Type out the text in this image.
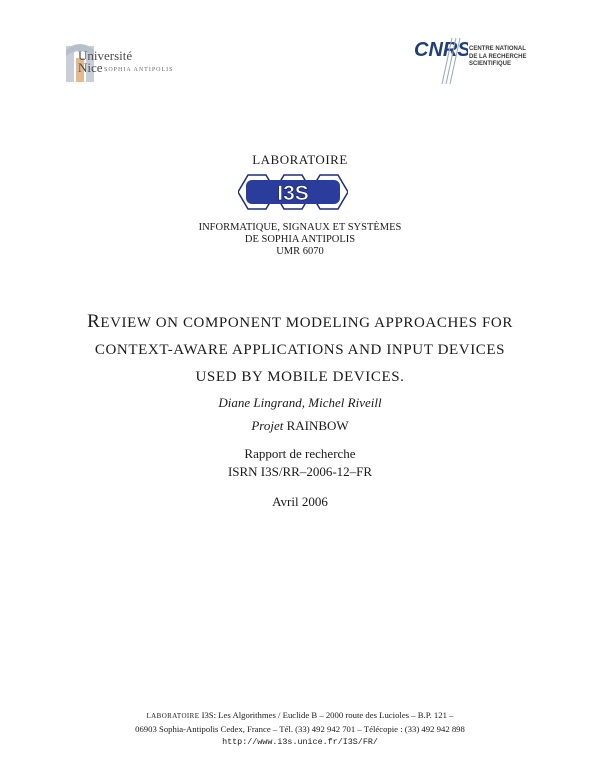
Université
Nice SOPHIA ANTIPOLIS
CNRS
CENTRE NATIONAL
DE LA RECHERCHE
SCIENTIFIQUE
LABORATOIRE
I3S
INFORMATIQUE, SIGNAUX ET SYSTÈMES
DE SOPHIA ANTIPOLIS
UMR 6070
REVIEW ON COMPONENT MODELING APPROACHES FOR
CONTEXT-AWARE APPLICATIONS AND INPUT DEVICES
USED BY MOBILE DEVICES.
Diane Lingrand, Michel Riveill
Projet RAINBOW
Rapport de recherche
ISRN I3S/RR–2006-12–FR
Avril 2006
LABORATOIRE I3S: Les Algorithmes / Euclide B – 2000 route des Lucioles – B.P. 121 –
06903 Sophia-Antipolis Cedex, France – Tél. (33) 492 942 701 – Télécopie : (33) 492 942 898
http://www.i3s.unice.fr/I3S/FR/
